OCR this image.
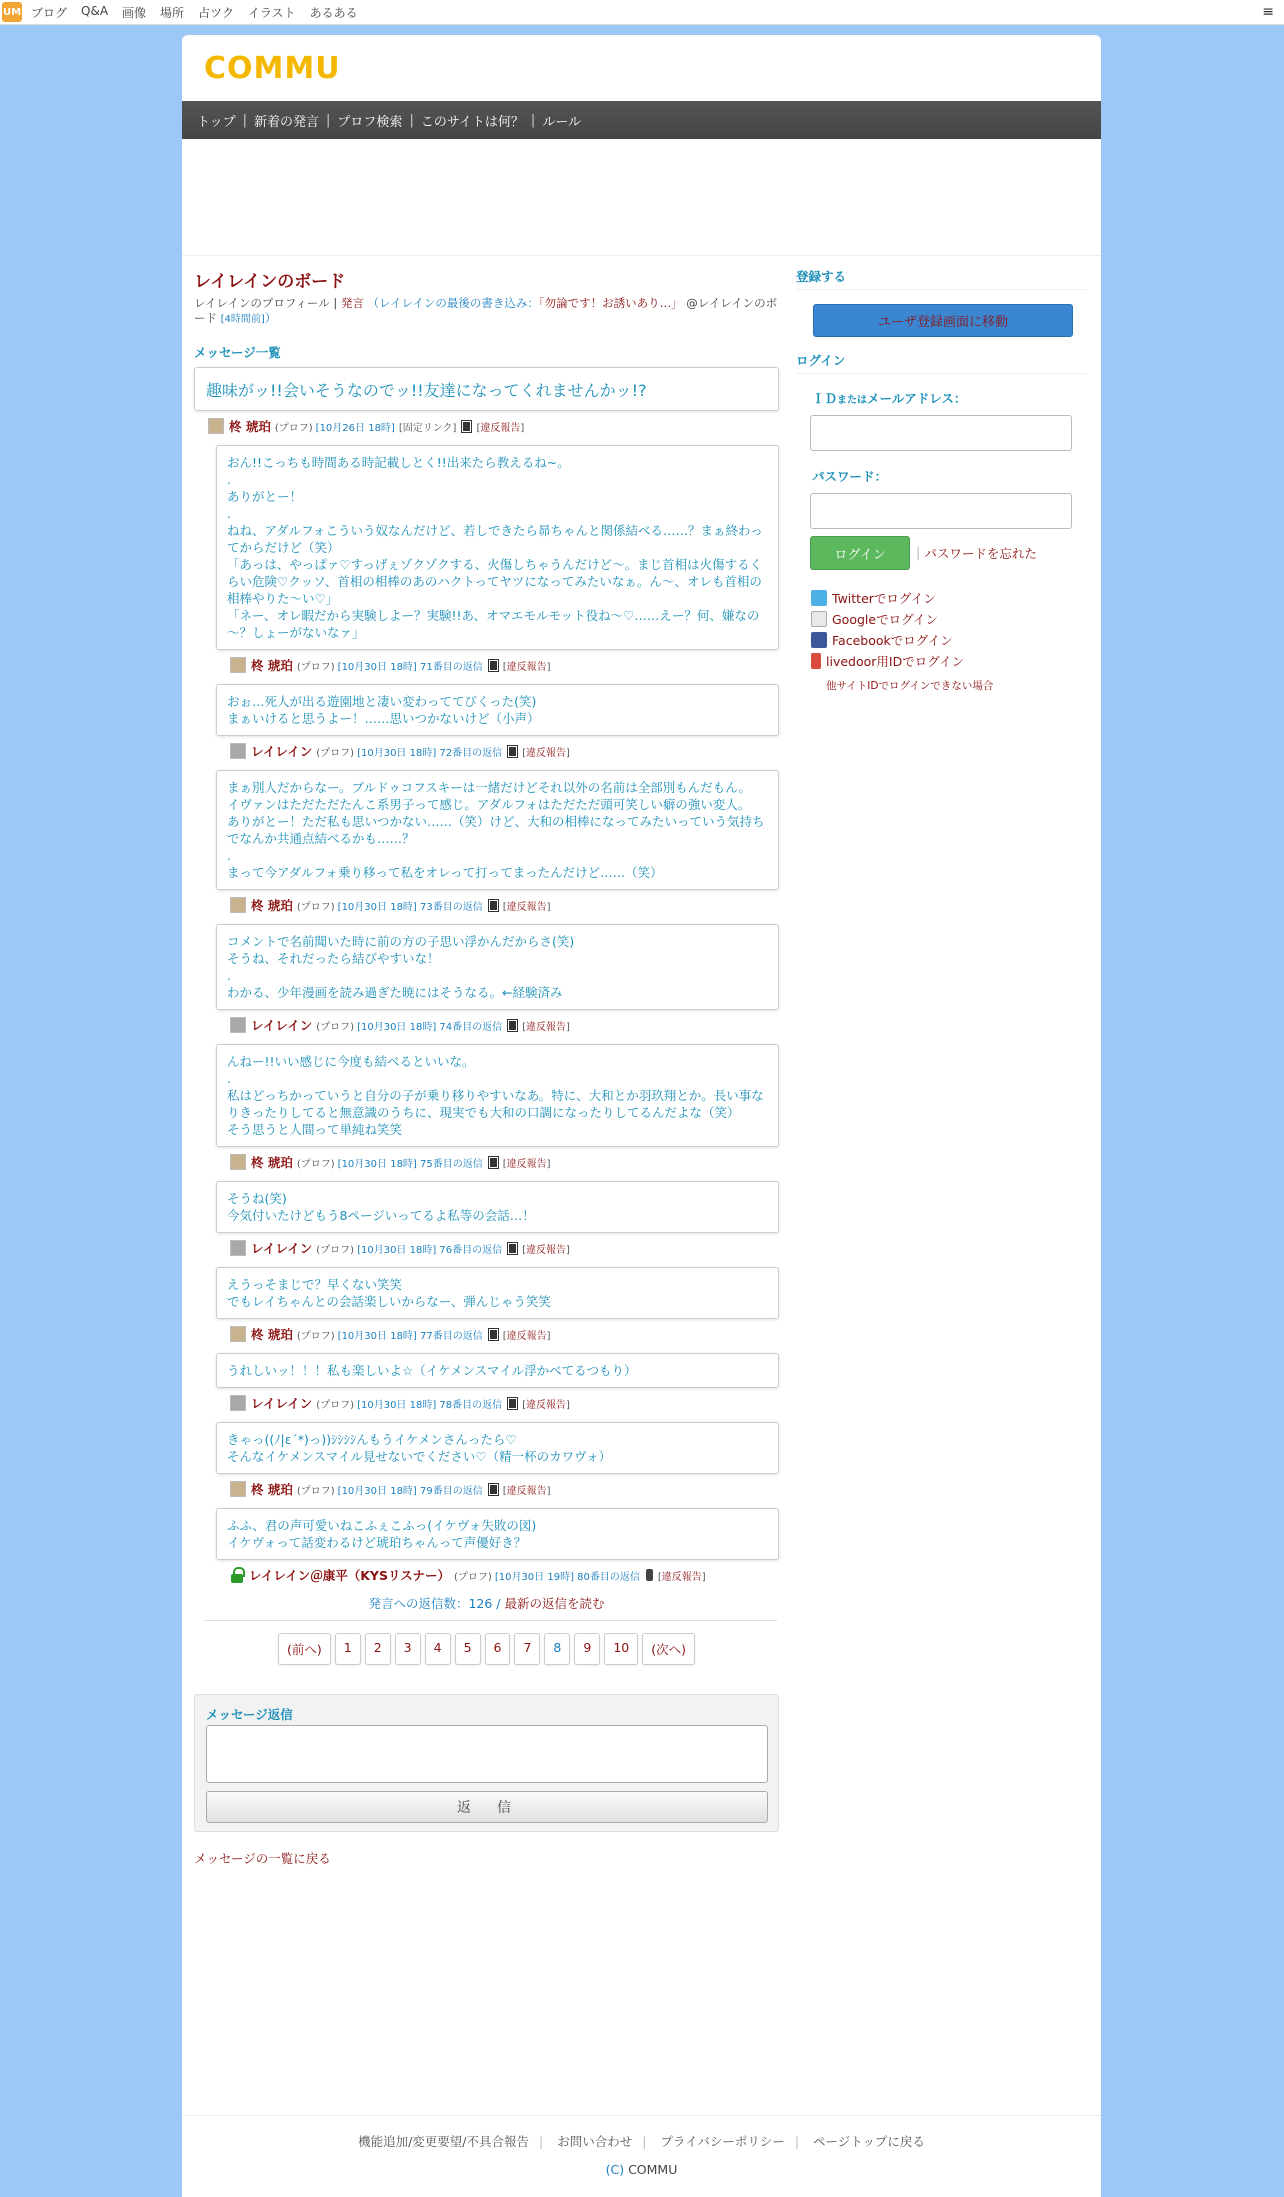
UM ブログ Q&A 画像 場所 占ツク イラスト あるある	≡
COMMU
トップ | 新着の発言 | プロフ検索 | このサイトは何？ | ルール
レイレインのボード
レイレインのプロフィール | 発言 （レイレインの最後の書き込み：「勿論です！お誘いあり…」 @レイレインのボード [4時間前]）
メッセージ一覧
趣味がッ!!会いそうなのでッ!!友達になってくれませんかッ!?
柊 琥珀 (プロフ) [10月26日 18時] [固定リンク]	[ 違反報告 ]
おん!!こっちも時間ある時記載しとく!!出来たら教えるね~。
.
ありがとー！
.
ねね、アダルフォこういう奴なんだけど、若しできたら昴ちゃんと関係結べる……？まぁ終わってからだけど（笑）
「あっは、やっぱァ♡すっげぇゾクゾクする、火傷しちゃうんだけど～。まじ首相は火傷するくらい危険♡クッソ、首相の相棒のあのハクトってヤツになってみたいなぁ。ん～、オレも首相の相棒やりた～い♡」
「ネー、オレ暇だから実験しよー？実験!!あ、オマエモルモット役ね～♡……えー？何、嫌なの～？しょーがないなァ」
柊 琥珀 (プロフ) [10月30日 18時] 71番目の返信	[ 違反報告 ]
おぉ…死人が出る遊園地と凄い変わっててびくった(笑)
まぁいけると思うよー！……思いつかないけど（小声）
レイレイン (プロフ) [10月30日 18時] 72番目の返信	[ 違反報告 ]
まぁ別人だからなー。ブルドゥコフスキーは一緒だけどそれ以外の名前は全部別もんだもん。
イヴァンはただただたんこ系男子って感じ。アダルフォはただただ頭可笑しい癖の強い変人。
ありがとー！ただ私も思いつかない……（笑）けど、大和の相棒になってみたいっていう気持ちでなんか共通点結べるかも……？
.
まって今アダルフォ乗り移って私をオレって打ってまったんだけど……（笑）
柊 琥珀 (プロフ) [10月30日 18時] 73番目の返信	[ 違反報告 ]
コメントで名前聞いた時に前の方の子思い浮かんだからさ(笑)
そうね、それだったら結びやすいな！
.
わかる、少年漫画を読み過ぎた暁にはそうなる。←経験済み
レイレイン (プロフ) [10月30日 18時] 74番目の返信	[ 違反報告 ]
んねー!!いい感じに今度も結べるといいな。
.
私はどっちかっていうと自分の子が乗り移りやすいなあ。特に、大和とか羽玖翔とか。長い事なりきったりしてると無意識のうちに、現実でも大和の口調になったりしてるんだよな（笑）
そう思うと人間って単純ね笑笑
柊 琥珀 (プロフ) [10月30日 18時] 75番目の返信	[ 違反報告 ]
そうね(笑)
今気付いたけどもう8ページいってるよ私等の会話…！
レイレイン (プロフ) [10月30日 18時] 76番目の返信	[ 違反報告 ]
えうっそまじで？早くない笑笑
でもレイちゃんとの会話楽しいからなー、弾んじゃう笑笑
柊 琥珀 (プロフ) [10月30日 18時] 77番目の返信	[ 違反報告 ]
うれしいッ！！！私も楽しいよ☆（イケメンスマイル浮かべてるつもり）
レイレイン (プロフ) [10月30日 18時] 78番目の返信	[ 違反報告 ]
きゃっ((ﾉ|ε´*)っ))ｼｼｼｼんもうイケメンさんったら♡
そんなイケメンスマイル見せないでください♡（精一杯のカワヴォ）
柊 琥珀 (プロフ) [10月30日 18時] 79番目の返信	[ 違反報告 ]
ふふ、君の声可愛いねこふぇこふっ(イケヴォ失敗の図)
イケヴォって話変わるけど琥珀ちゃんって声優好き？
レイレイン＠康平（KYSリスナー） (プロフ) [10月30日 19時] 80番目の返信	[ 違反報告 ]
発言への返信数：126 / 最新の返信を読む
(前へ)	1	2	3	4	5	6	7	8	9	10	(次へ)
メッセージ返信
返　信
メッセージの一覧に戻る
登録する
ユーザ登録画面に移動
ログイン
ＩＤまたはメールアドレス：
パスワード：
ログイン	| パスワードを忘れた
Twitterでログイン
Googleでログイン
Facebookでログイン
livedoor用IDでログイン
他サイトIDでログインできない場合
機能追加/変更要望/不具合報告 | お問い合わせ | プライバシーポリシー | ページトップに戻る
(C) COMMU
